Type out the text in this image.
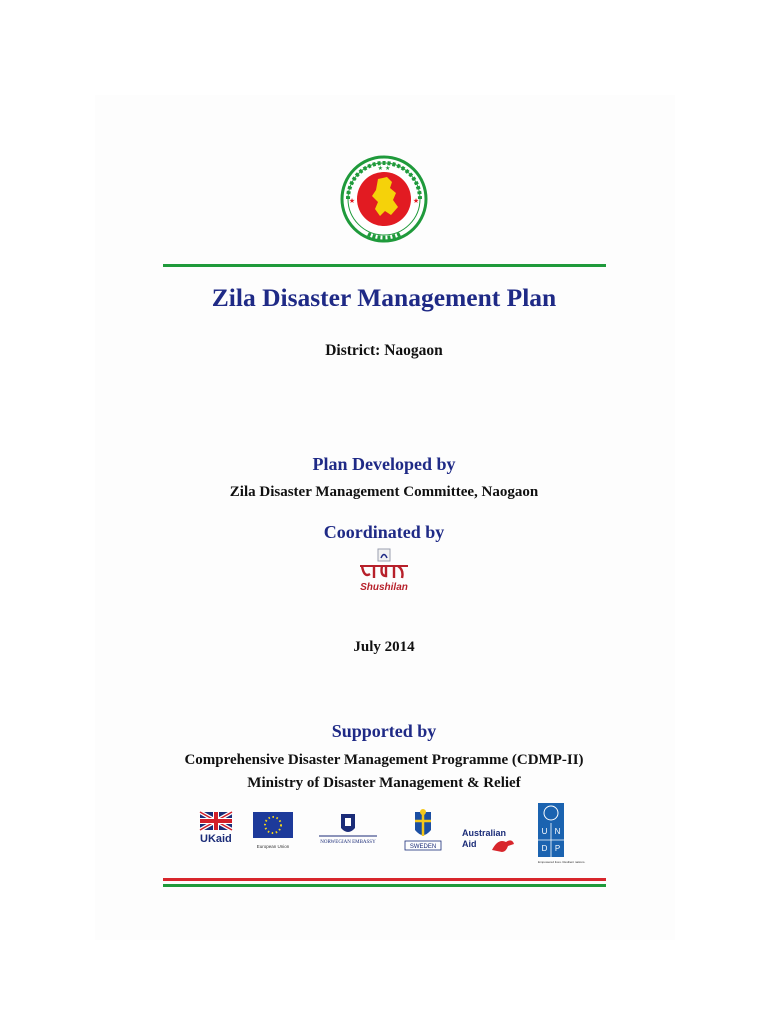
★ ★
★	★
Zila Disaster Management Plan
District: Naogaon
Plan Developed by
Zila Disaster Management Committee, Naogaon
Coordinated by
Shushilan
July 2014
Supported by
Comprehensive Disaster Management Programme (CDMP-II)
Ministry of Disaster Management & Relief
UKaid
European Union
NORWEGIAN EMBASSY
SWEDEN
Australian
Aid
U N
D P
Empowered lives. Resilient nations.
